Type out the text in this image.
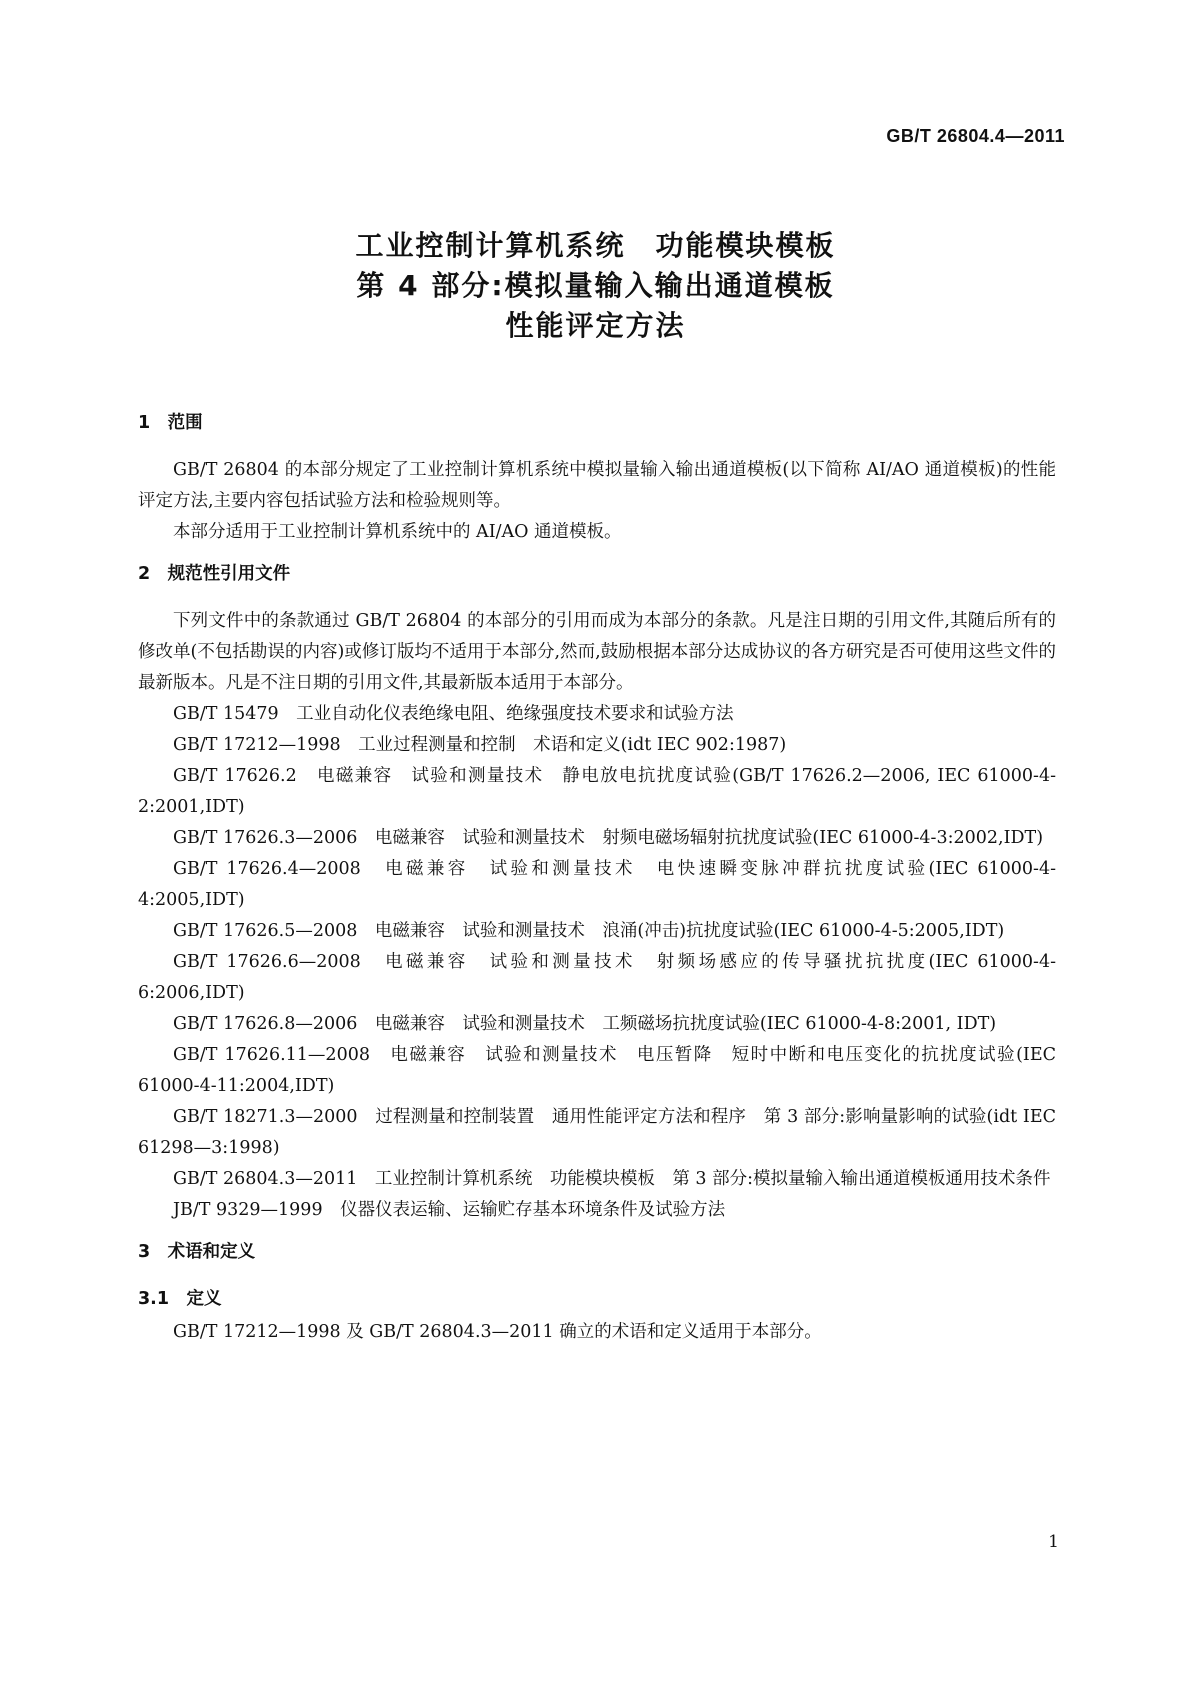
GB/T 26804.4—2011
工业控制计算机系统　功能模块模板
第 4 部分:模拟量输入输出通道模板
性能评定方法
1　范围

GB/T 26804 的本部分规定了工业控制计算机系统中模拟量输入输出通道模板(以下简称 AI/AO 通道模板)的性能评定方法,主要内容包括试验方法和检验规则等。

本部分适用于工业控制计算机系统中的 AI/AO 通道模板。

2　规范性引用文件

下列文件中的条款通过 GB/T 26804 的本部分的引用而成为本部分的条款。凡是注日期的引用文件,其随后所有的修改单(不包括勘误的内容)或修订版均不适用于本部分,然而,鼓励根据本部分达成协议的各方研究是否可使用这些文件的最新版本。凡是不注日期的引用文件,其最新版本适用于本部分。

GB/T 15479　工业自动化仪表绝缘电阻、绝缘强度技术要求和试验方法
GB/T 17212—1998　工业过程测量和控制　术语和定义(idt IEC 902:1987)
GB/T 17626.2　电磁兼容　试验和测量技术　静电放电抗扰度试验(GB/T 17626.2—2006, IEC 61000-4-2:2001,IDT)
GB/T 17626.3—2006　电磁兼容　试验和测量技术　射频电磁场辐射抗扰度试验(IEC 61000-4-3:2002,IDT)
GB/T 17626.4—2008　电磁兼容　试验和测量技术　电快速瞬变脉冲群抗扰度试验(IEC 61000-4-4:2005,IDT)
GB/T 17626.5—2008　电磁兼容　试验和测量技术　浪涌(冲击)抗扰度试验(IEC 61000-4-5:2005,IDT)
GB/T 17626.6—2008　电磁兼容　试验和测量技术　射频场感应的传导骚扰抗扰度(IEC 61000-4-6:2006,IDT)
GB/T 17626.8—2006　电磁兼容　试验和测量技术　工频磁场抗扰度试验(IEC 61000-4-8:2001, IDT)
GB/T 17626.11—2008　电磁兼容　试验和测量技术　电压暂降　短时中断和电压变化的抗扰度试验(IEC 61000-4-11:2004,IDT)
GB/T 18271.3—2000　过程测量和控制装置　通用性能评定方法和程序　第 3 部分:影响量影响的试验(idt IEC 61298—3:1998)
GB/T 26804.3—2011　工业控制计算机系统　功能模块模板　第 3 部分:模拟量输入输出通道模板通用技术条件
JB/T 9329—1999　仪器仪表运输、运输贮存基本环境条件及试验方法
3　术语和定义
3.1　定义

GB/T 17212—1998 及 GB/T 26804.3—2011 确立的术语和定义适用于本部分。

1
